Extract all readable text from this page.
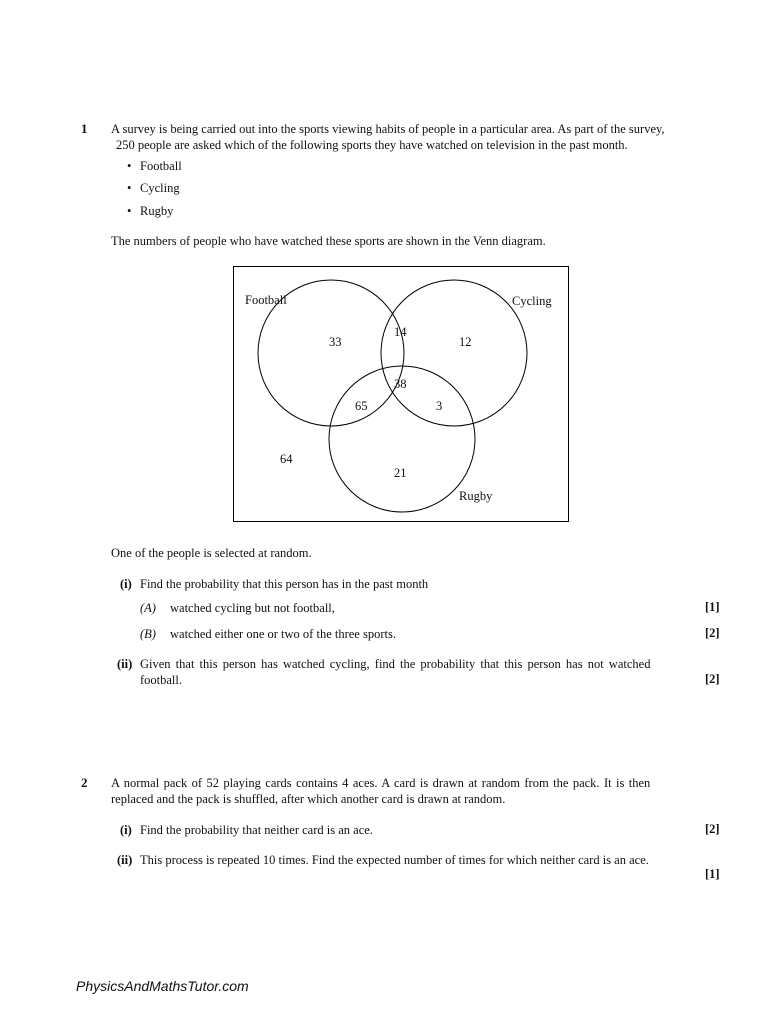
1 A survey is being carried out into the sports viewing habits of people in a particular area. As part of the survey,
250 people are asked which of the following sports they have watched on television in the past month.
• Football
• Cycling
• Rugby
The numbers of people who have watched these sports are shown in the Venn diagram.
Football	Cycling
Rugby
33
14
12
38
65	3
21
64
One of the people is selected at random.
(i) Find the probability that this person has in the past month
(A) watched cycling but not football,	[1]
(B) watched either one or two of the three sports.	[2]
(ii) Given that this person has watched cycling, find the probability that this person has not watched
football.	[2]
2 A normal pack of 52 playing cards contains 4 aces. A card is drawn at random from the pack. It is then
replaced and the pack is shuffled, after which another card is drawn at random.
(i) Find the probability that neither card is an ace.	[2]
(ii) This process is repeated 10 times. Find the expected number of times for which neither card is an ace.
[1]
PhysicsAndMathsTutor.com
